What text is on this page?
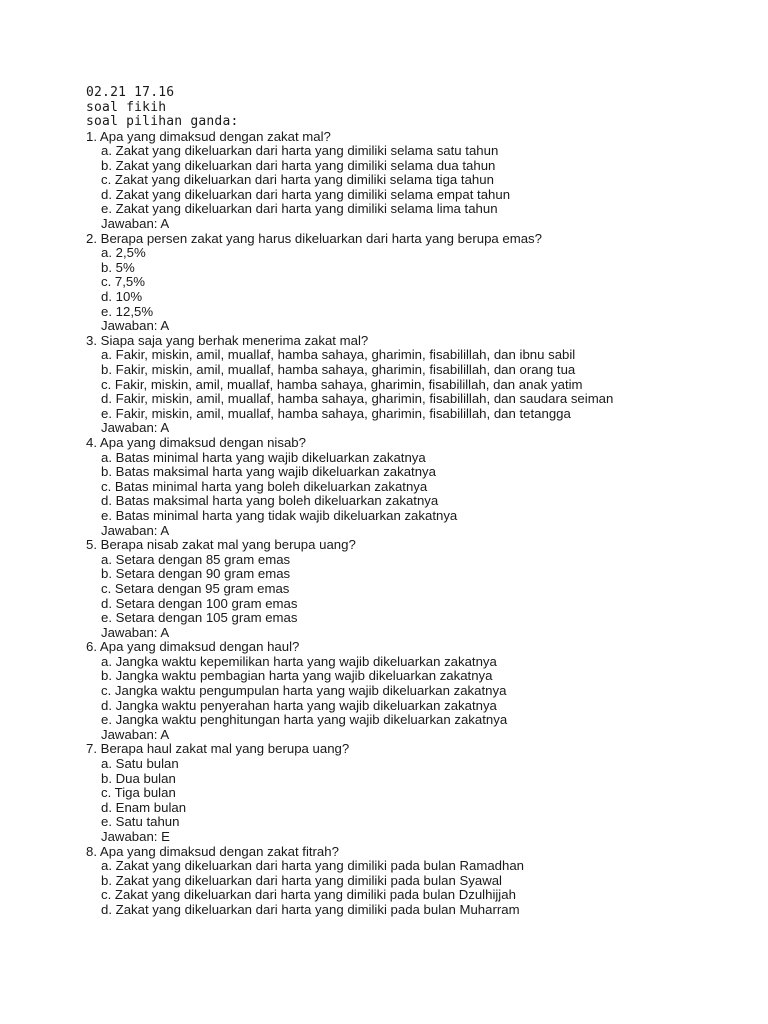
02.21 17.16
soal fikih
soal pilihan ganda:
1. Apa yang dimaksud dengan zakat mal?
a. Zakat yang dikeluarkan dari harta yang dimiliki selama satu tahun
b. Zakat yang dikeluarkan dari harta yang dimiliki selama dua tahun
c. Zakat yang dikeluarkan dari harta yang dimiliki selama tiga tahun
d. Zakat yang dikeluarkan dari harta yang dimiliki selama empat tahun
e. Zakat yang dikeluarkan dari harta yang dimiliki selama lima tahun
Jawaban: A
2. Berapa persen zakat yang harus dikeluarkan dari harta yang berupa emas?
a. 2,5%
b. 5%
c. 7,5%
d. 10%
e. 12,5%
Jawaban: A
3. Siapa saja yang berhak menerima zakat mal?
a. Fakir, miskin, amil, muallaf, hamba sahaya, gharimin, fisabilillah, dan ibnu sabil
b. Fakir, miskin, amil, muallaf, hamba sahaya, gharimin, fisabilillah, dan orang tua
c. Fakir, miskin, amil, muallaf, hamba sahaya, gharimin, fisabilillah, dan anak yatim
d. Fakir, miskin, amil, muallaf, hamba sahaya, gharimin, fisabilillah, dan saudara seiman
e. Fakir, miskin, amil, muallaf, hamba sahaya, gharimin, fisabilillah, dan tetangga
Jawaban: A
4. Apa yang dimaksud dengan nisab?
a. Batas minimal harta yang wajib dikeluarkan zakatnya
b. Batas maksimal harta yang wajib dikeluarkan zakatnya
c. Batas minimal harta yang boleh dikeluarkan zakatnya
d. Batas maksimal harta yang boleh dikeluarkan zakatnya
e. Batas minimal harta yang tidak wajib dikeluarkan zakatnya
Jawaban: A
5. Berapa nisab zakat mal yang berupa uang?
a. Setara dengan 85 gram emas
b. Setara dengan 90 gram emas
c. Setara dengan 95 gram emas
d. Setara dengan 100 gram emas
e. Setara dengan 105 gram emas
Jawaban: A
6. Apa yang dimaksud dengan haul?
a. Jangka waktu kepemilikan harta yang wajib dikeluarkan zakatnya
b. Jangka waktu pembagian harta yang wajib dikeluarkan zakatnya
c. Jangka waktu pengumpulan harta yang wajib dikeluarkan zakatnya
d. Jangka waktu penyerahan harta yang wajib dikeluarkan zakatnya
e. Jangka waktu penghitungan harta yang wajib dikeluarkan zakatnya
Jawaban: A
7. Berapa haul zakat mal yang berupa uang?
a. Satu bulan
b. Dua bulan
c. Tiga bulan
d. Enam bulan
e. Satu tahun
Jawaban: E
8. Apa yang dimaksud dengan zakat fitrah?
a. Zakat yang dikeluarkan dari harta yang dimiliki pada bulan Ramadhan
b. Zakat yang dikeluarkan dari harta yang dimiliki pada bulan Syawal
c. Zakat yang dikeluarkan dari harta yang dimiliki pada bulan Dzulhijjah
d. Zakat yang dikeluarkan dari harta yang dimiliki pada bulan Muharram
